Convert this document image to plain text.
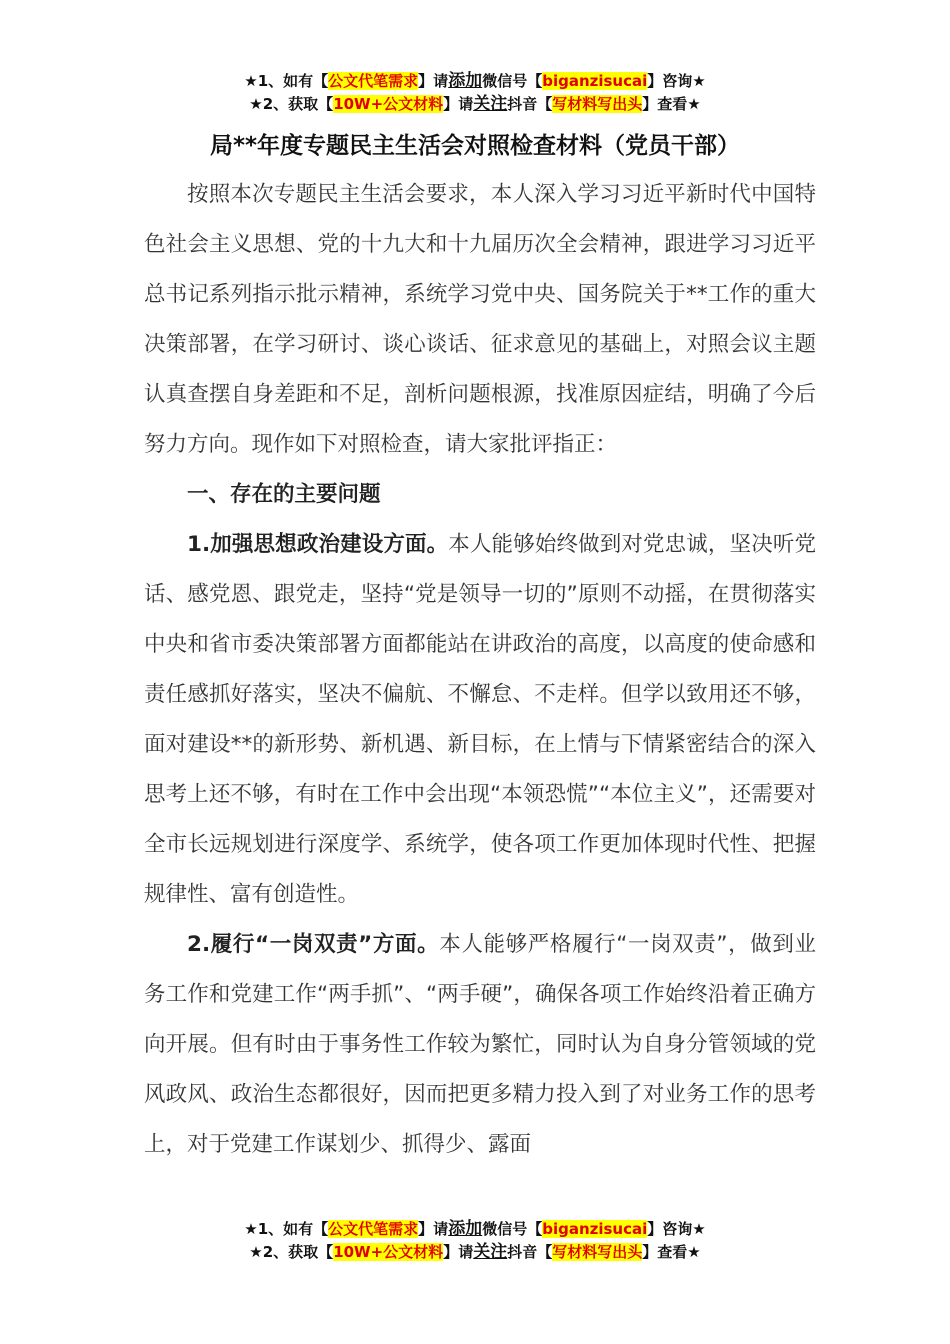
★1、如有【公文代笔需求】请添加微信号【biganzisucai】咨询★
★2、获取【10W+公文材料】请关注抖音【写材料写出头】查看★
局**年度专题民主生活会对照检查材料（党员干部）

按照本次专题民主生活会要求，本人深入学习习近平新时代中国特色社会主义思想、党的十九大和十九届历次全会精神，跟进学习习近平总书记系列指示批示精神，系统学习党中央、国务院关于**工作的重大决策部署，在学习研讨、谈心谈话、征求意见的基础上，对照会议主题认真查摆自身差距和不足，剖析问题根源，找准原因症结，明确了今后努力方向。现作如下对照检查，请大家批评指正：

一、存在的主要问题

1.加强思想政治建设方面。本人能够始终做到对党忠诚，坚决听党话、感党恩、跟党走，坚持“党是领导一切的”原则不动摇，在贯彻落实中央和省市委决策部署方面都能站在讲政治的高度，以高度的使命感和责任感抓好落实，坚决不偏航、不懈怠、不走样。但学以致用还不够，面对建设**的新形势、新机遇、新目标，在上情与下情紧密结合的深入思考上还不够，有时在工作中会出现“本领恐慌”“本位主义”，还需要对全市长远规划进行深度学、系统学，使各项工作更加体现时代性、把握规律性、富有创造性。

2.履行“一岗双责”方面。本人能够严格履行“一岗双责”，做到业务工作和党建工作“两手抓”、“两手硬”，确保各项工作始终沿着正确方向开展。但有时由于事务性工作较为繁忙，同时认为自身分管领域的党风政风、政治生态都很好，因而把更多精力投入到了对业务工作的思考上，对于党建工作谋划少、抓得少、露面

★1、如有【公文代笔需求】请添加微信号【biganzisucai】咨询★
★2、获取【10W+公文材料】请关注抖音【写材料写出头】查看★
